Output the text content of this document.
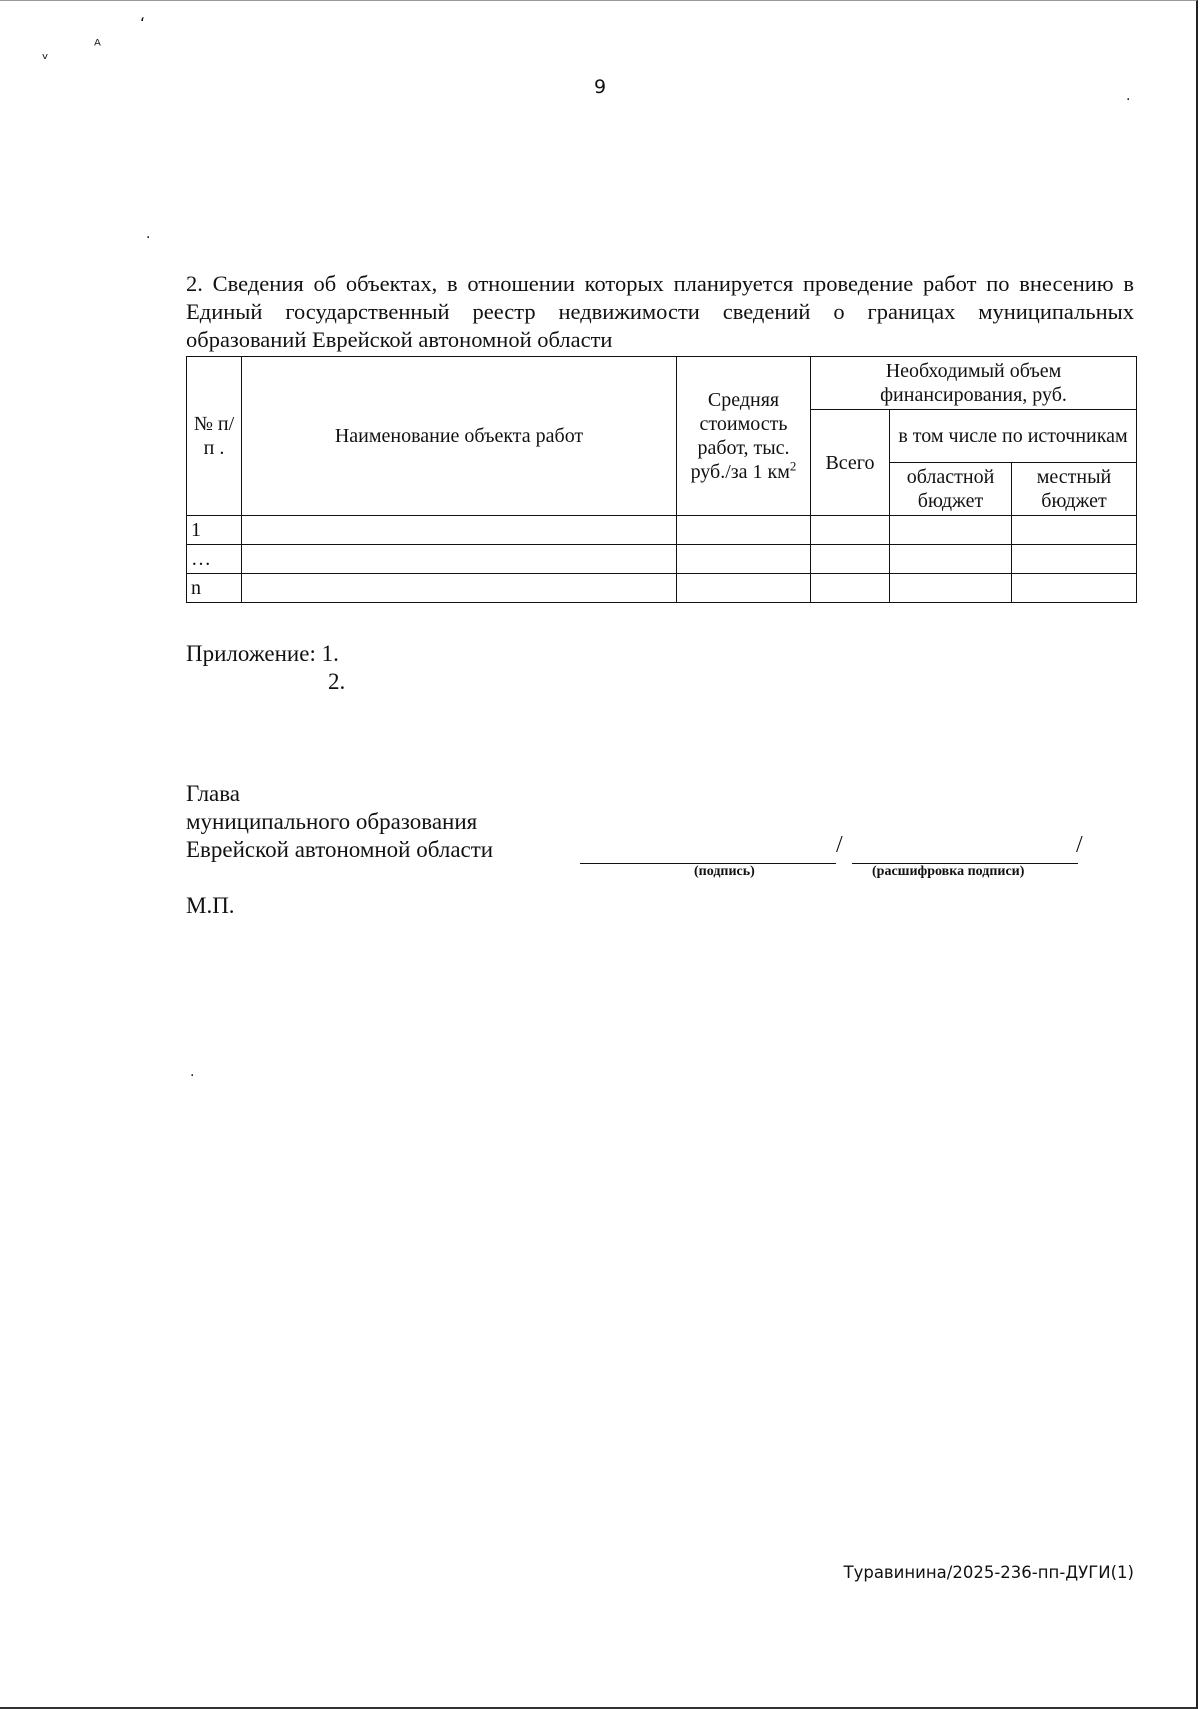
ʻ
ᵥ	ᴬ
.
.
.
9
2. Сведения об объектах, в отношении которых планируется проведение работ по внесению в Единый государственный реестр недвижимости сведений о границах муниципальных образований Еврейской автономной области
№ п/п .	Наименование объекта работ	Средняя стоимость работ, тыс. руб./за 1 $км^2$	Необходимый объем финансирования, руб.		
			Всего	в том числе по источникам	
				областной бюджет	местный бюджет
1					
…					
n					
Приложение: 1.
2.
Глава
муниципального образования
Еврейской автономной области	/	/
(подпись)	(расшифровка подписи)
М.П.
Туравинина/2025-236-пп-ДУГИ(1)
